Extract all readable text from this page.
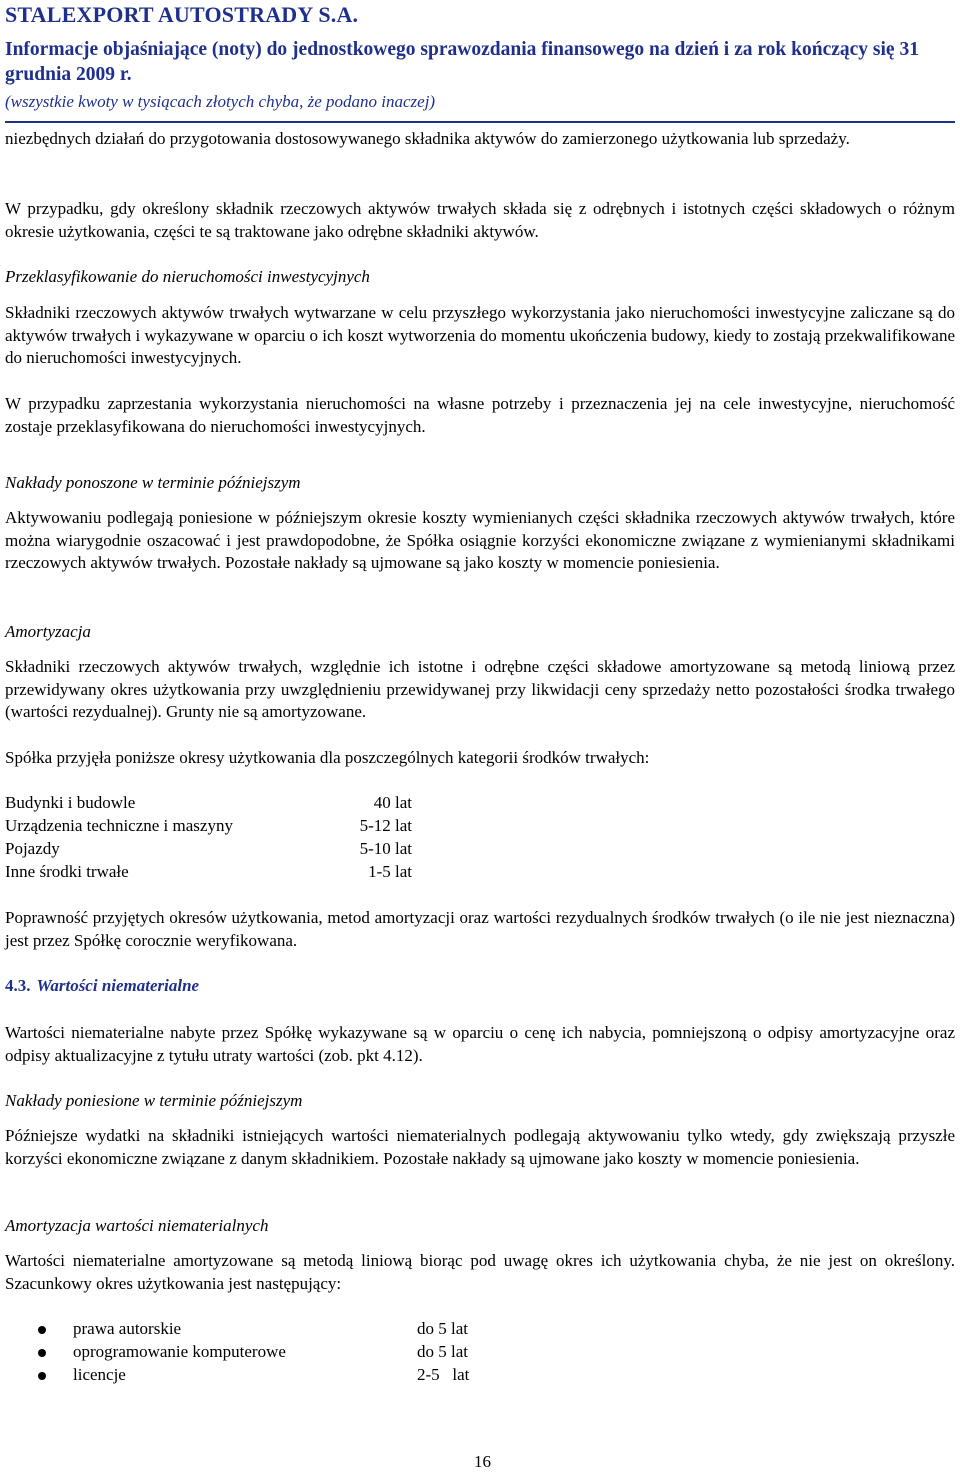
STALEXPORT AUTOSTRADY S.A.
Informacje objaśniające (noty) do jednostkowego sprawozdania finansowego na dzień i za rok kończący się 31 grudnia 2009 r.
(wszystkie kwoty w tysiącach złotych chyba, że podano inaczej)
niezbędnych działań do przygotowania dostosowywanego składnika aktywów do zamierzonego użytkowania lub sprzedaży.
W przypadku, gdy określony składnik rzeczowych aktywów trwałych składa się z odrębnych i istotnych części składowych o różnym okresie użytkowania, części te są traktowane jako odrębne składniki aktywów.
Przeklasyfikowanie do nieruchomości inwestycyjnych
Składniki rzeczowych aktywów trwałych wytwarzane w celu przyszłego wykorzystania jako nieruchomości inwestycyjne zaliczane są do aktywów trwałych i wykazywane w oparciu o ich koszt wytworzenia do momentu ukończenia budowy, kiedy to zostają przekwalifikowane do nieruchomości inwestycyjnych.
W przypadku zaprzestania wykorzystania nieruchomości na własne potrzeby i przeznaczenia jej na cele inwestycyjne, nieruchomość zostaje przeklasyfikowana do nieruchomości inwestycyjnych.
Nakłady ponoszone w terminie późniejszym
Aktywowaniu podlegają poniesione w późniejszym okresie koszty wymienianych części składnika rzeczowych aktywów trwałych, które można wiarygodnie oszacować i jest prawdopodobne, że Spółka osiągnie korzyści ekonomiczne związane z wymienianymi składnikami rzeczowych aktywów trwałych. Pozostałe nakłady są ujmowane są jako koszty w momencie poniesienia.
Amortyzacja
Składniki rzeczowych aktywów trwałych, względnie ich istotne i odrębne części składowe amortyzowane są metodą liniową przez przewidywany okres użytkowania przy uwzględnieniu przewidywanej przy likwidacji ceny sprzedaży netto pozostałości środka trwałego (wartości rezydualnej). Grunty nie są amortyzowane.
Spółka przyjęła poniższe okresy użytkowania dla poszczególnych kategorii środków trwałych:
Budynki i budowle	40 lat
Urządzenia techniczne i maszyny	5-12 lat
Pojazdy	5-10 lat
Inne środki trwałe	1-5 lat
Poprawność przyjętych okresów użytkowania, metod amortyzacji oraz wartości rezydualnych środków trwałych (o ile nie jest nieznaczna) jest przez Spółkę corocznie weryfikowana.
4.3. Wartości niematerialne
Wartości niematerialne nabyte przez Spółkę wykazywane są w oparciu o cenę ich nabycia, pomniejszoną o odpisy amortyzacyjne oraz odpisy aktualizacyjne z tytułu utraty wartości (zob. pkt 4.12).
Nakłady poniesione w terminie późniejszym
Późniejsze wydatki na składniki istniejących wartości niematerialnych podlegają aktywowaniu tylko wtedy, gdy zwiększają przyszłe korzyści ekonomiczne związane z danym składnikiem. Pozostałe nakłady są ujmowane jako koszty w momencie poniesienia.
Amortyzacja wartości niematerialnych
Wartości niematerialne amortyzowane są metodą liniową biorąc pod uwagę okres ich użytkowania chyba, że nie jest on określony. Szacunkowy okres użytkowania jest następujący:
prawa autorskie	do 5 lat
oprogramowanie komputerowe	do 5 lat
licencje	2-5   lat
16
